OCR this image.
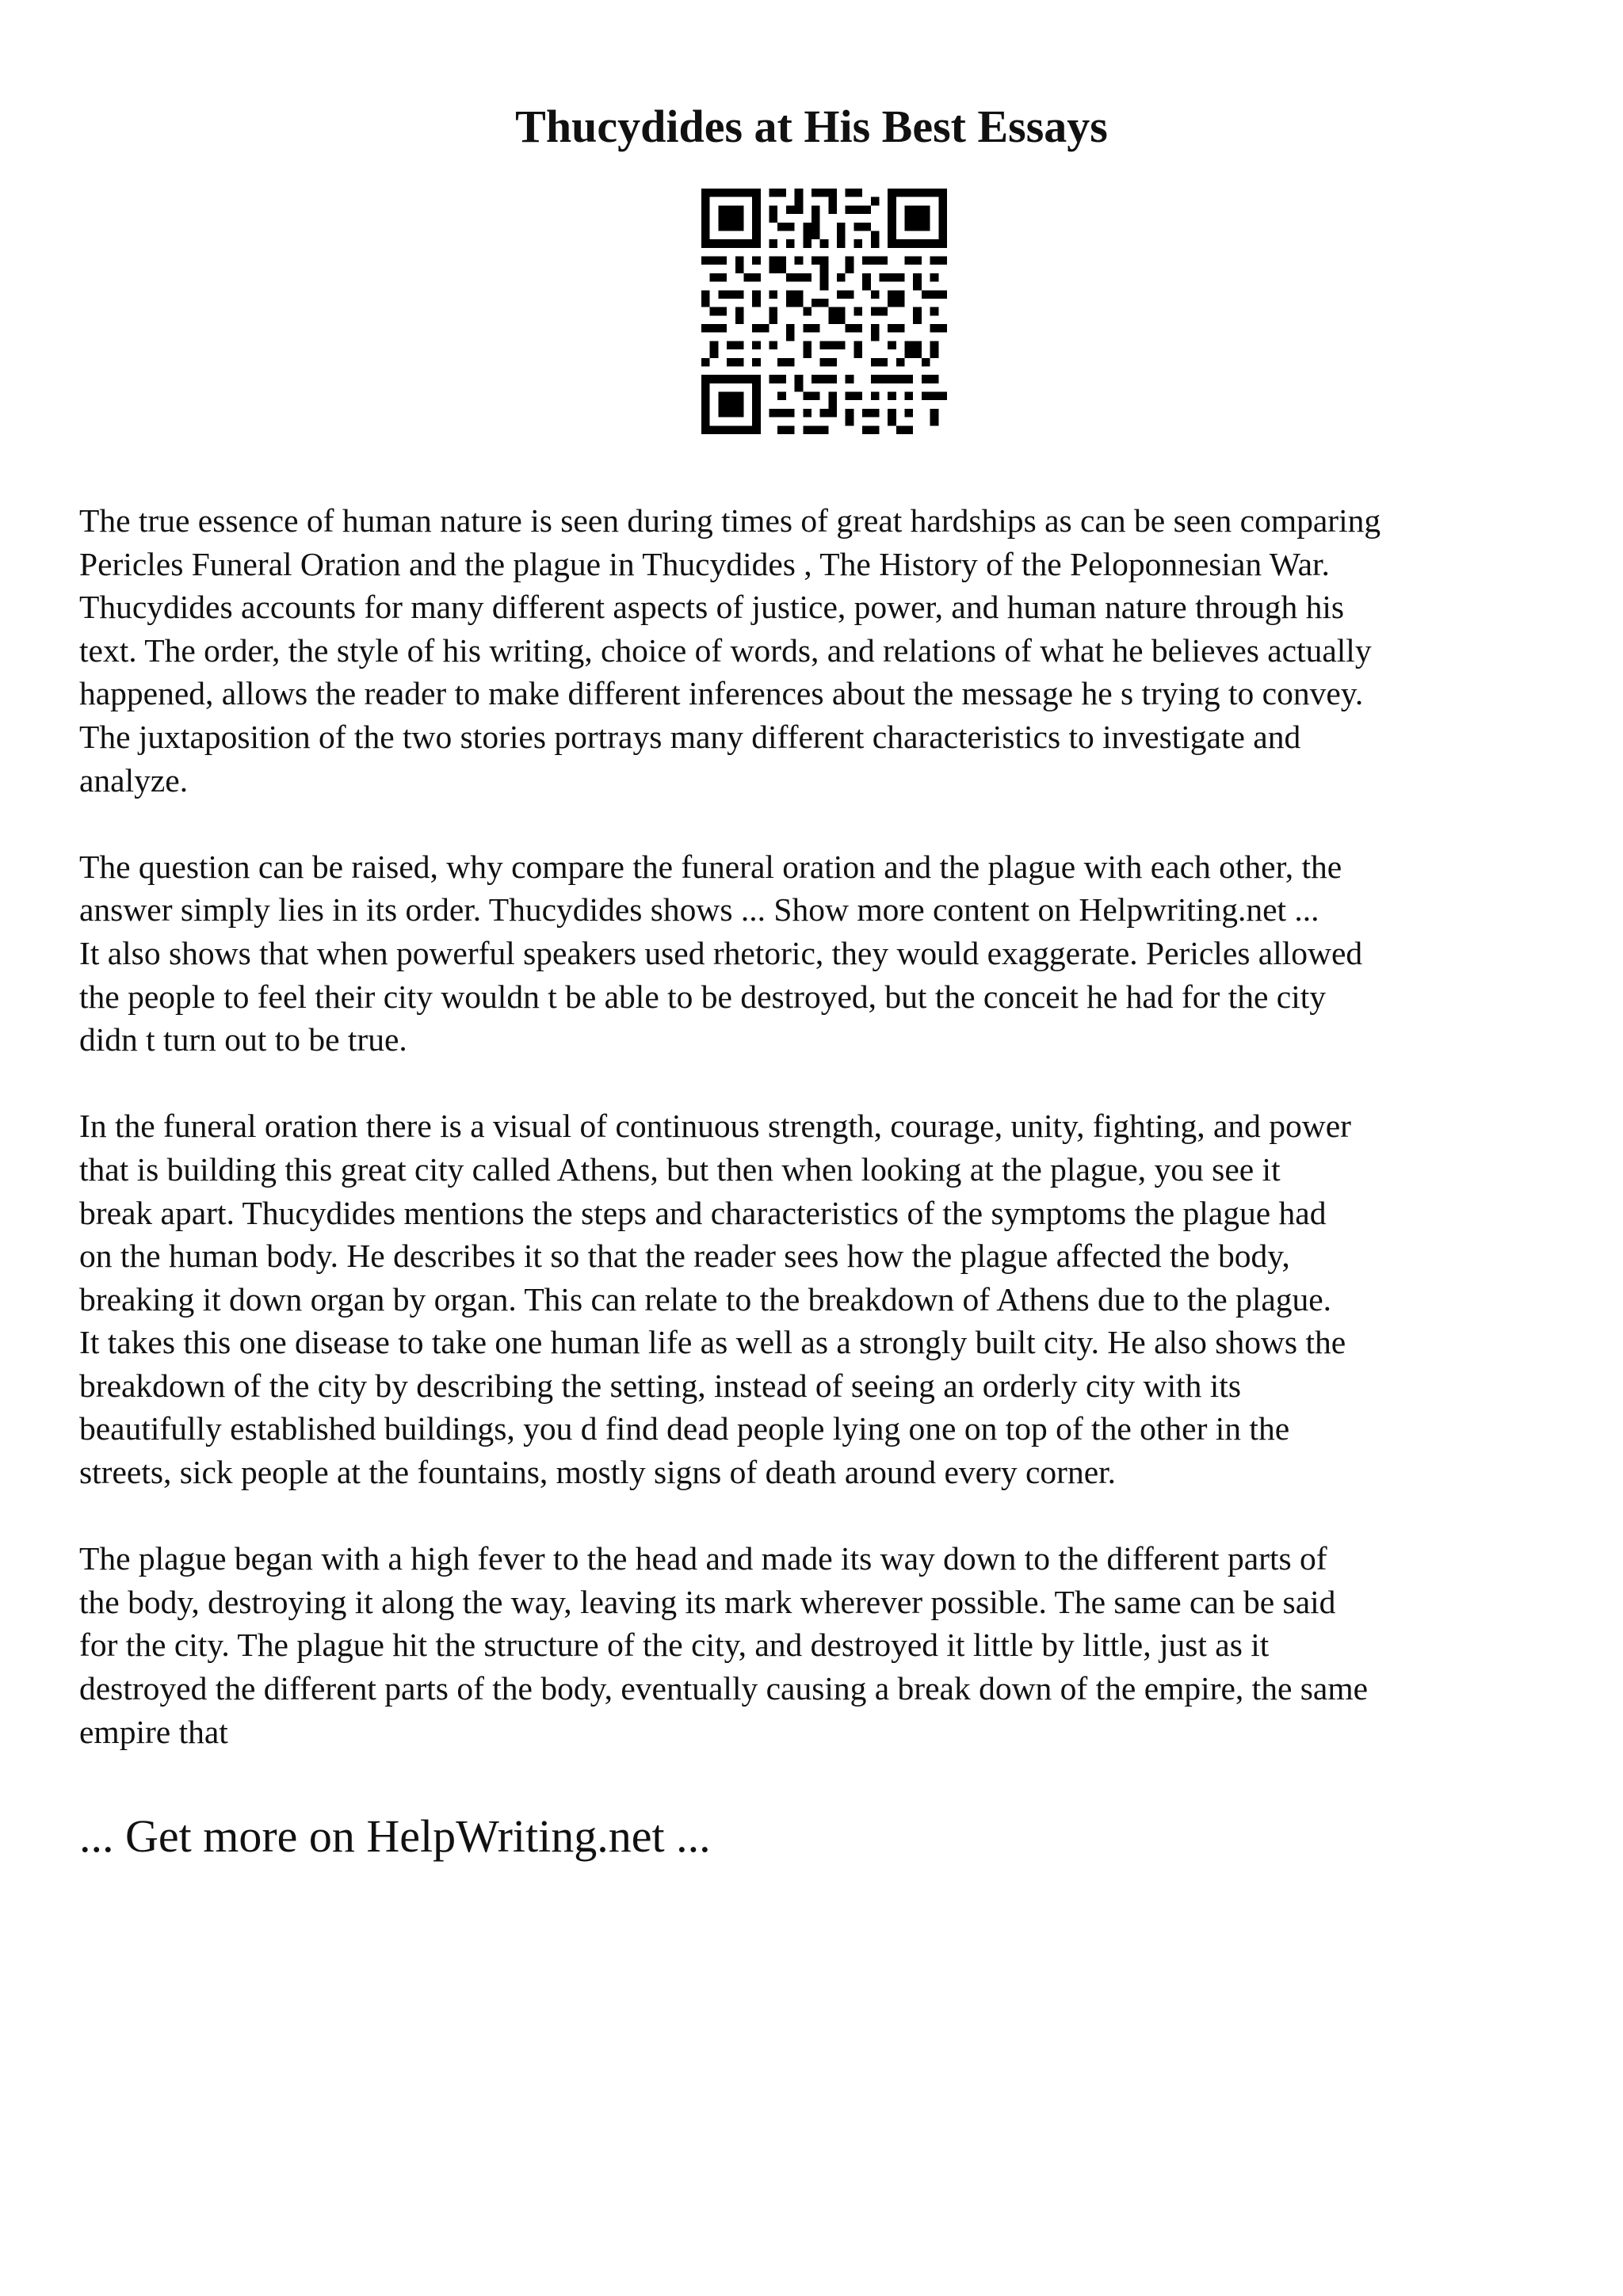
Thucydides at His Best Essays

The true essence of human nature is seen during times of great hardships as can be seen comparing
Pericles Funeral Oration and the plague in Thucydides , The History of the Peloponnesian War.
Thucydides accounts for many different aspects of justice, power, and human nature through his
text. The order, the style of his writing, choice of words, and relations of what he believes actually
happened, allows the reader to make different inferences about the message he s trying to convey.
The juxtaposition of the two stories portrays many different characteristics to investigate and
analyze.

The question can be raised, why compare the funeral oration and the plague with each other, the
answer simply lies in its order. Thucydides shows ... Show more content on Helpwriting.net ...
It also shows that when powerful speakers used rhetoric, they would exaggerate. Pericles allowed
the people to feel their city wouldn t be able to be destroyed, but the conceit he had for the city
didn t turn out to be true.

In the funeral oration there is a visual of continuous strength, courage, unity, fighting, and power
that is building this great city called Athens, but then when looking at the plague, you see it
break apart. Thucydides mentions the steps and characteristics of the symptoms the plague had
on the human body. He describes it so that the reader sees how the plague affected the body,
breaking it down organ by organ. This can relate to the breakdown of Athens due to the plague.
It takes this one disease to take one human life as well as a strongly built city. He also shows the
breakdown of the city by describing the setting, instead of seeing an orderly city with its
beautifully established buildings, you d find dead people lying one on top of the other in the
streets, sick people at the fountains, mostly signs of death around every corner.

The plague began with a high fever to the head and made its way down to the different parts of
the body, destroying it along the way, leaving its mark wherever possible. The same can be said
for the city. The plague hit the structure of the city, and destroyed it little by little, just as it
destroyed the different parts of the body, eventually causing a break down of the empire, the same
empire that

... Get more on HelpWriting.net ...
